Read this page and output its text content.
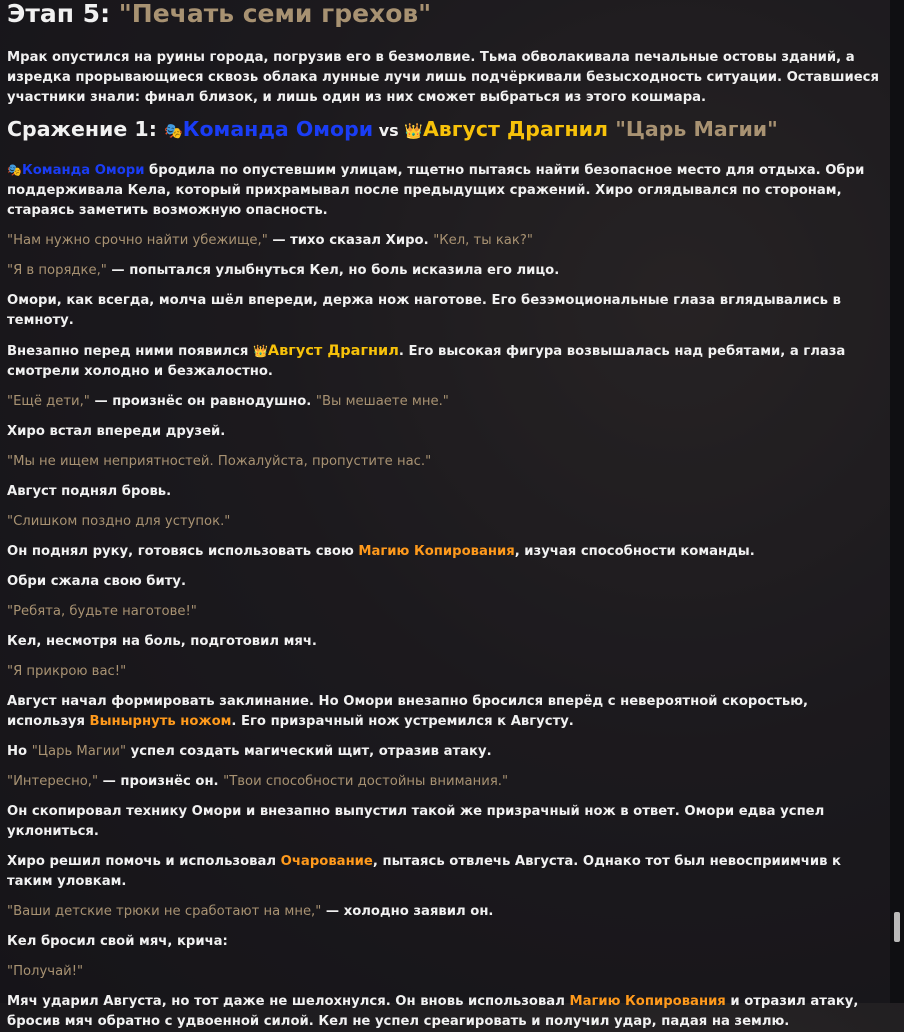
Этап 5: "Печать семи грехов"

Мрак опустился на руины города, погрузив его в безмолвие. Тьма обволакивала печальные остовы зданий, а изредка прорывающиеся сквозь облака лунные лучи лишь подчёркивали безысходность ситуации. Оставшиеся участники знали: финал близок, и лишь один из них сможет выбраться из этого кошмара.

Сражение 1: 🎭Команда Омори vs 👑Август Драгнил "Царь Магии"

🎭Команда Омори бродила по опустевшим улицам, тщетно пытаясь найти безопасное место для отдыха. Обри поддерживала Кела, который прихрамывал после предыдущих сражений. Хиро оглядывался по сторонам, стараясь заметить возможную опасность.

"Нам нужно срочно найти убежище," — тихо сказал Хиро. "Кел, ты как?"

"Я в порядке," — попытался улыбнуться Кел, но боль исказила его лицо.

Омори, как всегда, молча шёл впереди, держа нож наготове. Его безэмоциональные глаза вглядывались в темноту.

Внезапно перед ними появился 👑Август Драгнил. Его высокая фигура возвышалась над ребятами, а глаза смотрели холодно и безжалостно.

"Ещё дети," — произнёс он равнодушно. "Вы мешаете мне."

Хиро встал впереди друзей.

"Мы не ищем неприятностей. Пожалуйста, пропустите нас."

Август поднял бровь.

"Слишком поздно для уступок."

Он поднял руку, готовясь использовать свою Магию Копирования, изучая способности команды.

Обри сжала свою биту.

"Ребята, будьте наготове!"

Кел, несмотря на боль, подготовил мяч.

"Я прикрою вас!"

Август начал формировать заклинание. Но Омори внезапно бросился вперёд с невероятной скоростью, используя Вынырнуть ножом. Его призрачный нож устремился к Августу.

Но "Царь Магии" успел создать магический щит, отразив атаку.

"Интересно," — произнёс он. "Твои способности достойны внимания."

Он скопировал технику Омори и внезапно выпустил такой же призрачный нож в ответ. Омори едва успел уклониться.

Хиро решил помочь и использовал Очарование, пытаясь отвлечь Августа. Однако тот был невосприимчив к таким уловкам.

"Ваши детские трюки не сработают на мне," — холодно заявил он.

Кел бросил свой мяч, крича:

"Получай!"

Мяч ударил Августа, но тот даже не шелохнулся. Он вновь использовал Магию Копирования и отразил атаку, бросив мяч обратно с удвоенной силой. Кел не успел среагировать и получил удар, падая на землю.
